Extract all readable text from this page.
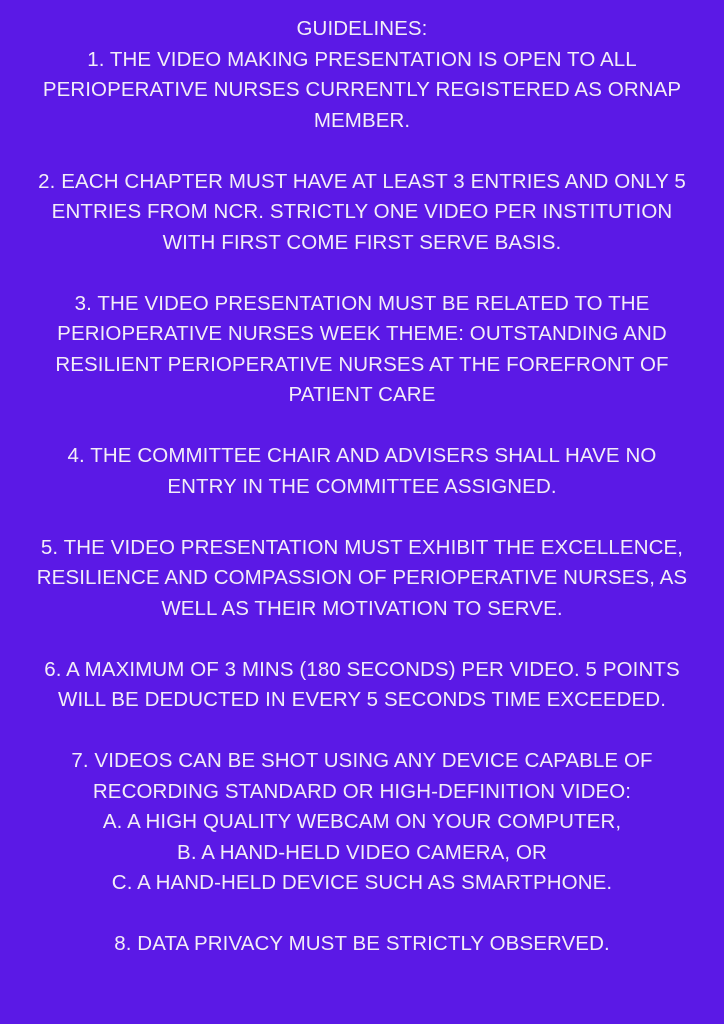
GUIDELINES:

1. THE VIDEO MAKING PRESENTATION IS OPEN TO ALL
PERIOPERATIVE NURSES CURRENTLY REGISTERED AS ORNAP
MEMBER.

2. EACH CHAPTER MUST HAVE AT LEAST 3 ENTRIES AND ONLY 5
ENTRIES FROM NCR. STRICTLY ONE VIDEO PER INSTITUTION
WITH FIRST COME FIRST SERVE BASIS.

3. THE VIDEO PRESENTATION MUST BE RELATED TO THE
PERIOPERATIVE NURSES WEEK THEME: OUTSTANDING AND
RESILIENT PERIOPERATIVE NURSES AT THE FOREFRONT OF
PATIENT CARE

4. THE COMMITTEE CHAIR AND ADVISERS SHALL HAVE NO
ENTRY IN THE COMMITTEE ASSIGNED.

5. THE VIDEO PRESENTATION MUST EXHIBIT THE EXCELLENCE,
RESILIENCE AND COMPASSION OF PERIOPERATIVE NURSES, AS
WELL AS THEIR MOTIVATION TO SERVE.

6. A MAXIMUM OF 3 MINS (180 SECONDS) PER VIDEO. 5 POINTS
WILL BE DEDUCTED IN EVERY 5 SECONDS TIME EXCEEDED.

7. VIDEOS CAN BE SHOT USING ANY DEVICE CAPABLE OF
RECORDING STANDARD OR HIGH-DEFINITION VIDEO:
A. A HIGH QUALITY WEBCAM ON YOUR COMPUTER,
B. A HAND-HELD VIDEO CAMERA, OR
C. A HAND-HELD DEVICE SUCH AS SMARTPHONE.

8. DATA PRIVACY MUST BE STRICTLY OBSERVED.
